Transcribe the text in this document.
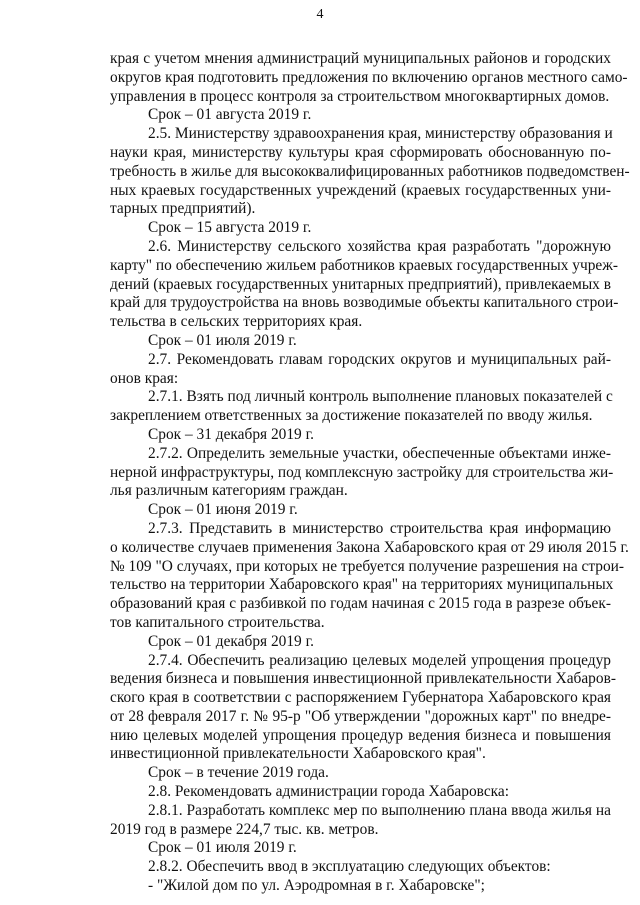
4
края с учетом мнения администраций муниципальных районов и городских
округов края подготовить предложения по включению органов местного само-
управления в процесс контроля за строительством многоквартирных домов.
Срок – 01 августа 2019 г.
2.5. Министерству здравоохранения края, министерству образования и
науки края, министерству культуры края сформировать обоснованную по-
требность в жилье для высококвалифицированных работников подведомствен-
ных краевых государственных учреждений (краевых государственных уни-
тарных предприятий).
Срок – 15 августа 2019 г.
2.6. Министерству сельского хозяйства края разработать "дорожную
карту" по обеспечению жильем работников краевых государственных учреж-
дений (краевых государственных унитарных предприятий), привлекаемых в
край для трудоустройства на вновь возводимые объекты капитального строи-
тельства в сельских территориях края.
Срок – 01 июля 2019 г.
2.7. Рекомендовать главам городских округов и муниципальных рай-
онов края:
2.7.1. Взять под личный контроль выполнение плановых показателей с
закреплением ответственных за достижение показателей по вводу жилья.
Срок – 31 декабря 2019 г.
2.7.2. Определить земельные участки, обеспеченные объектами инже-
нерной инфраструктуры, под комплексную застройку для строительства жи-
лья различным категориям граждан.
Срок – 01 июня 2019 г.
2.7.3. Представить в министерство строительства края информацию
о количестве случаев применения Закона Хабаровского края от 29 июля 2015 г.
№ 109 "О случаях, при которых не требуется получение разрешения на строи-
тельство на территории Хабаровского края" на территориях муниципальных
образований края с разбивкой по годам начиная с 2015 года в разрезе объек-
тов капитального строительства.
Срок – 01 декабря 2019 г.
2.7.4. Обеспечить реализацию целевых моделей упрощения процедур
ведения бизнеса и повышения инвестиционной привлекательности Хабаров-
ского края в соответствии с распоряжением Губернатора Хабаровского края
от 28 февраля 2017 г. № 95-р "Об утверждении "дорожных карт" по внедре-
нию целевых моделей упрощения процедур ведения бизнеса и повышения
инвестиционной привлекательности Хабаровского края".
Срок – в течение 2019 года.
2.8. Рекомендовать администрации города Хабаровска:
2.8.1. Разработать комплекс мер по выполнению плана ввода жилья на
2019 год в размере 224,7 тыс. кв. метров.
Срок – 01 июля 2019 г.
2.8.2. Обеспечить ввод в эксплуатацию следующих объектов:
- "Жилой дом по ул. Аэродромная в г. Хабаровске";
